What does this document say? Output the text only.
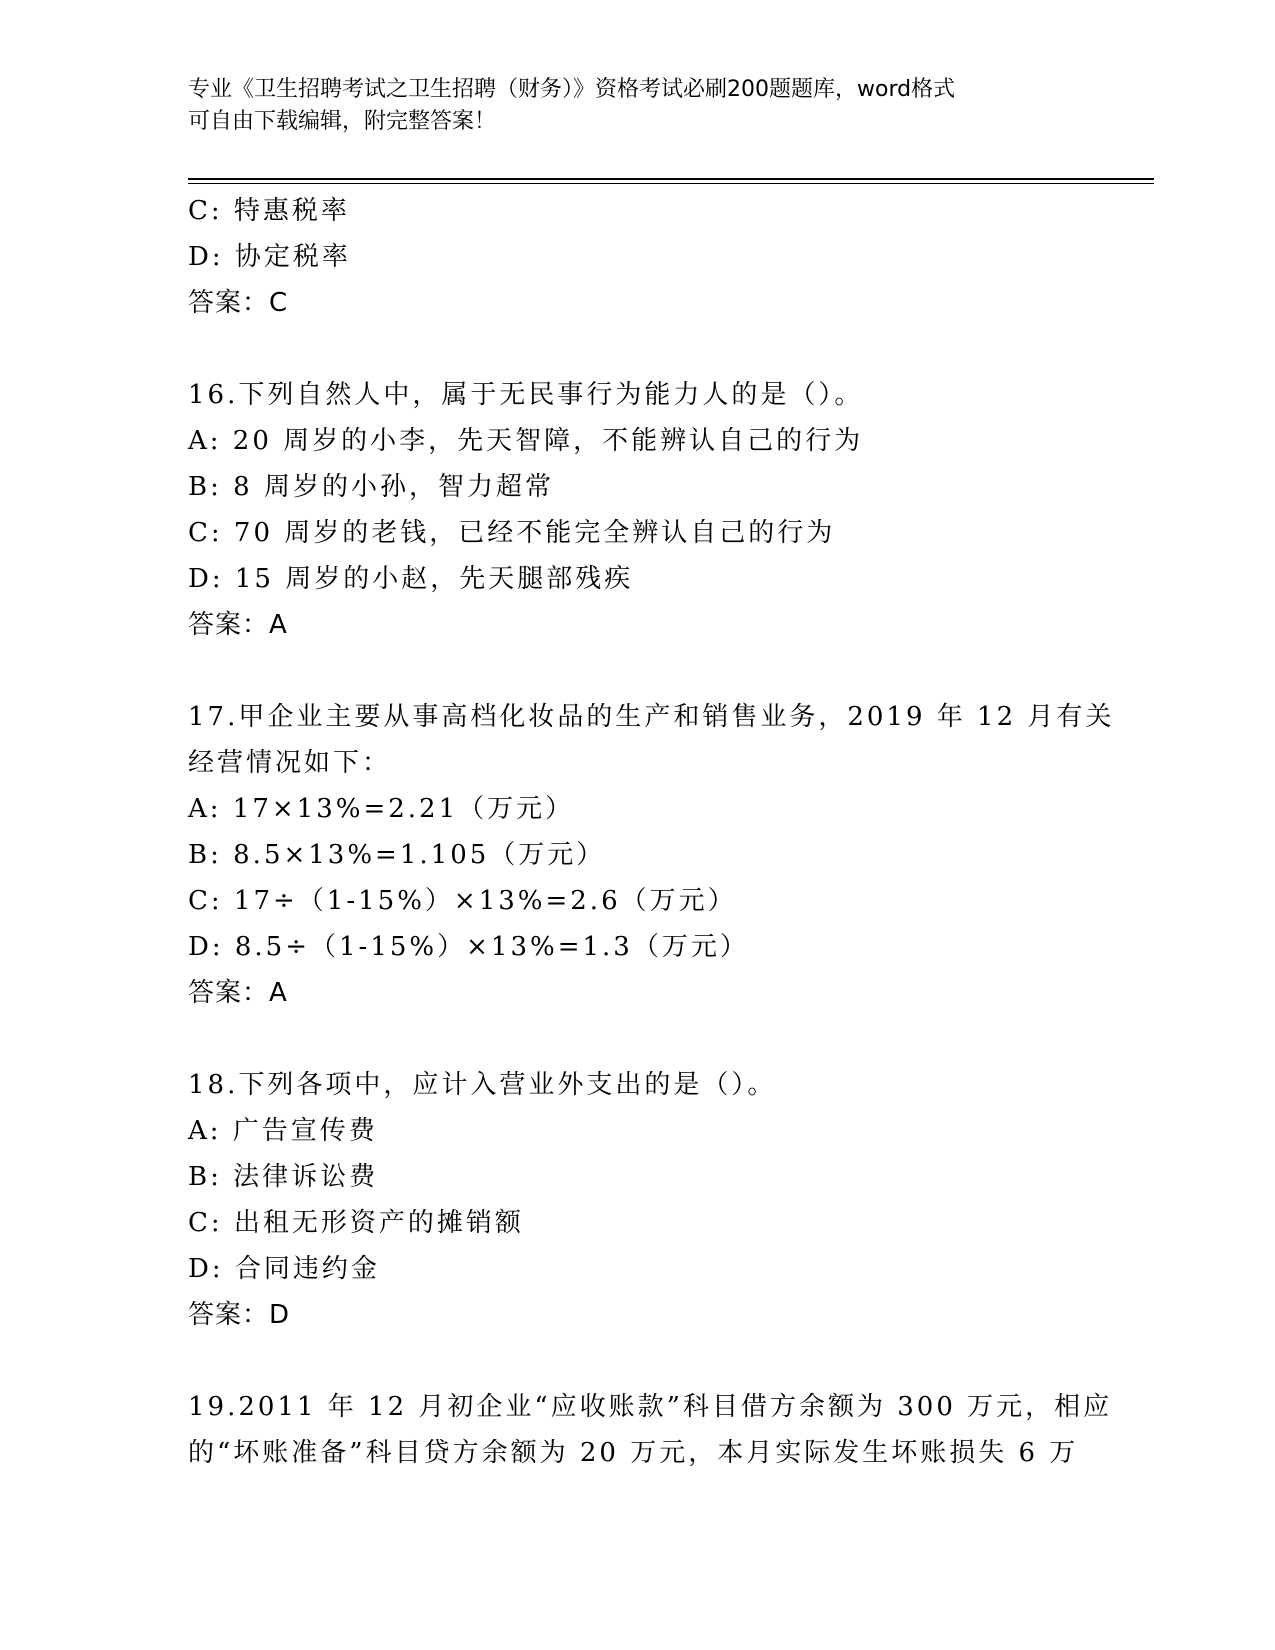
专业《卫生招聘考试之卫生招聘（财务）》资格考试必刷200题题库，word格式
可自由下载编辑，附完整答案！
C: 特惠税率
D: 协定税率
答案：C
16.下列自然人中，属于无民事行为能力人的是（）。
A: 20 周岁的小李，先天智障，不能辨认自己的行为
B: 8 周岁的小孙，智力超常
C: 70 周岁的老钱，已经不能完全辨认自己的行为
D: 15 周岁的小赵，先天腿部残疾
答案：A
17.甲企业主要从事高档化妆品的生产和销售业务，2019 年 12 月有关
经营情况如下：
A: 17×13%=2.21（万元）
B: 8.5×13%=1.105（万元）
C: 17÷（1-15%）×13%=2.6（万元）
D: 8.5÷（1-15%）×13%=1.3（万元）
答案：A
18.下列各项中，应计入营业外支出的是（）。
A: 广告宣传费
B: 法律诉讼费
C: 出租无形资产的摊销额
D: 合同违约金
答案：D
19.2011 年 12 月初企业“应收账款”科目借方余额为 300 万元，相应
的“坏账准备”科目贷方余额为 20 万元，本月实际发生坏账损失 6 万
